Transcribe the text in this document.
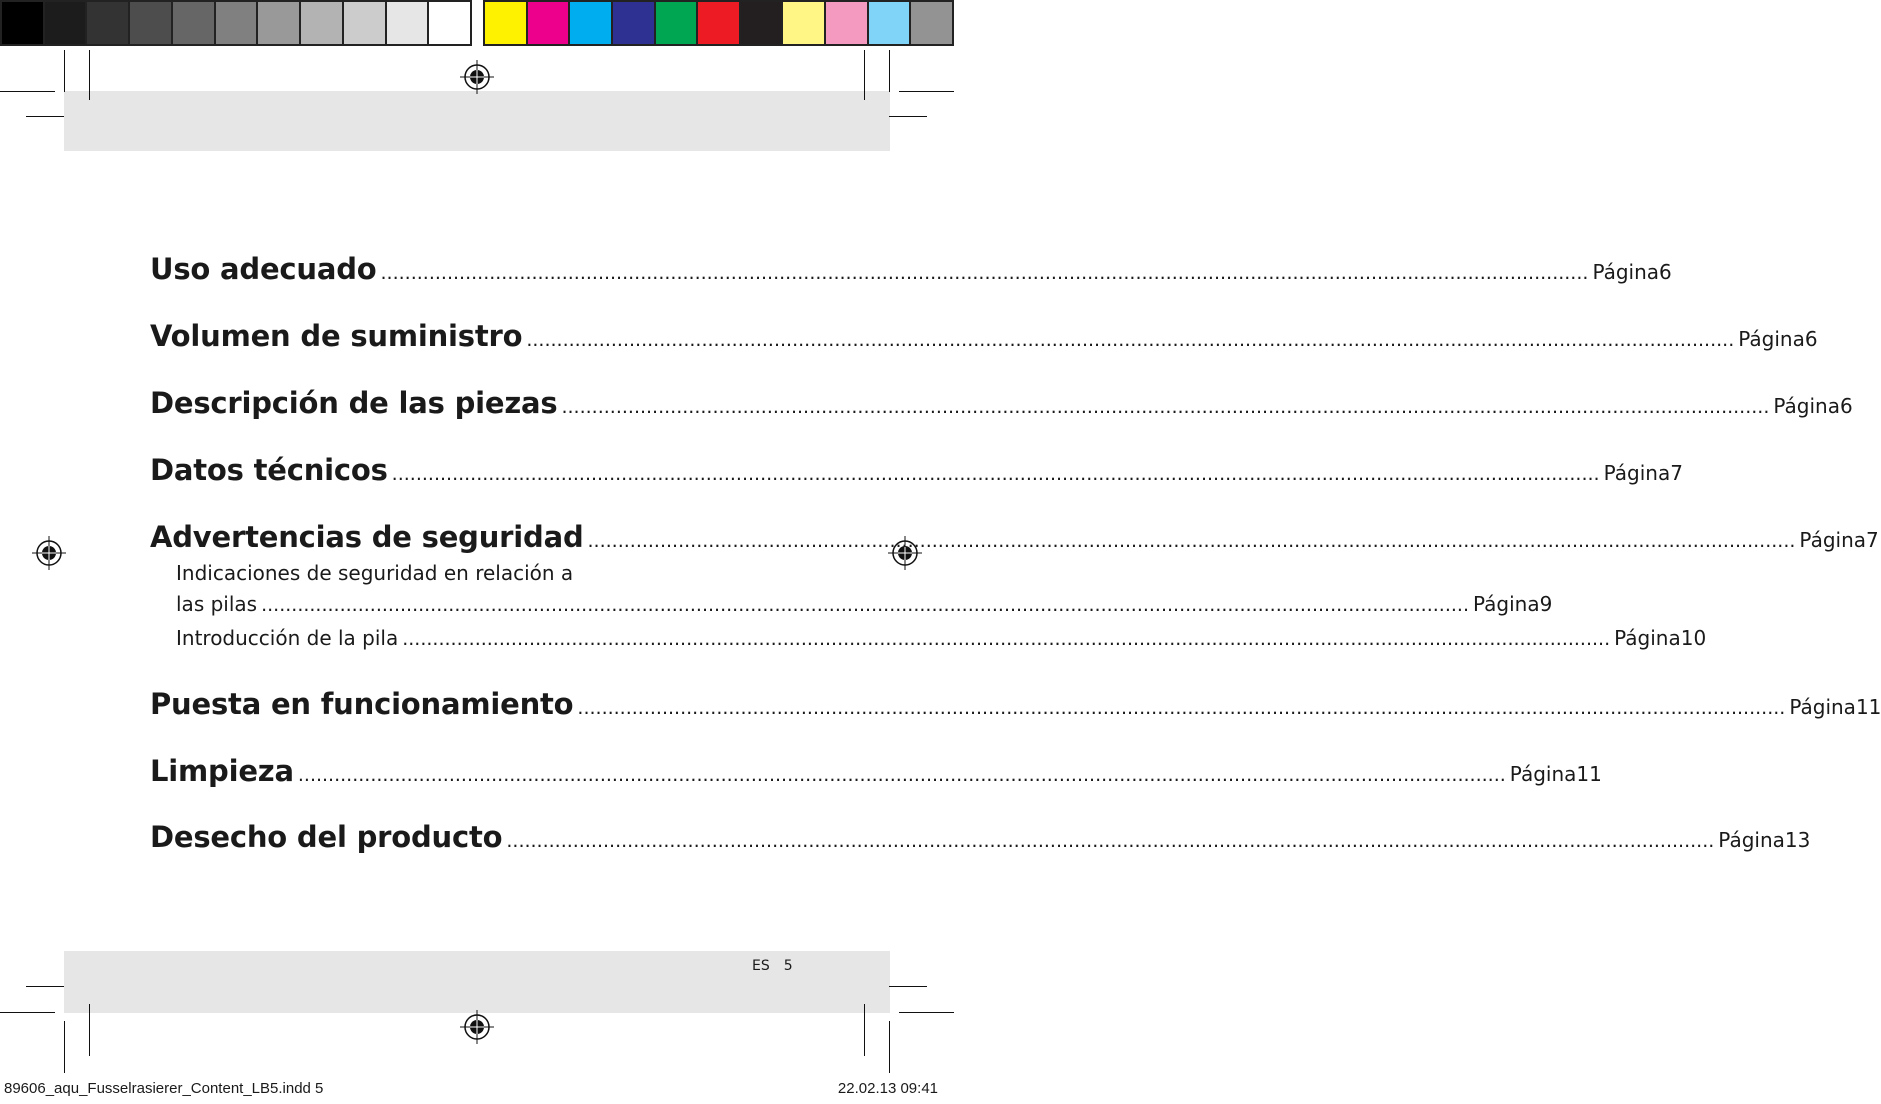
Uso adecuado ........................................................................................................................................................................................................ Página 6
Volumen de suministro ........................................................................................................................................................................................................ Página 6
Descripción de las piezas ........................................................................................................................................................................................................ Página 6
Datos técnicos ........................................................................................................................................................................................................ Página 7
Advertencias de seguridad ........................................................................................................................................................................................................ Página 7
Indicaciones de seguridad en relación a
las pilas ........................................................................................................................................................................................................ Página 9
Introducción de la pila ........................................................................................................................................................................................................ Página 10
Puesta en funcionamiento ........................................................................................................................................................................................................ Página 11
Limpieza ........................................................................................................................................................................................................ Página 11
Desecho del producto ........................................................................................................................................................................................................ Página 13
ES 5
89606_aqu_Fusselrasierer_Content_LB5.indd 5	22.02.13 09:41
